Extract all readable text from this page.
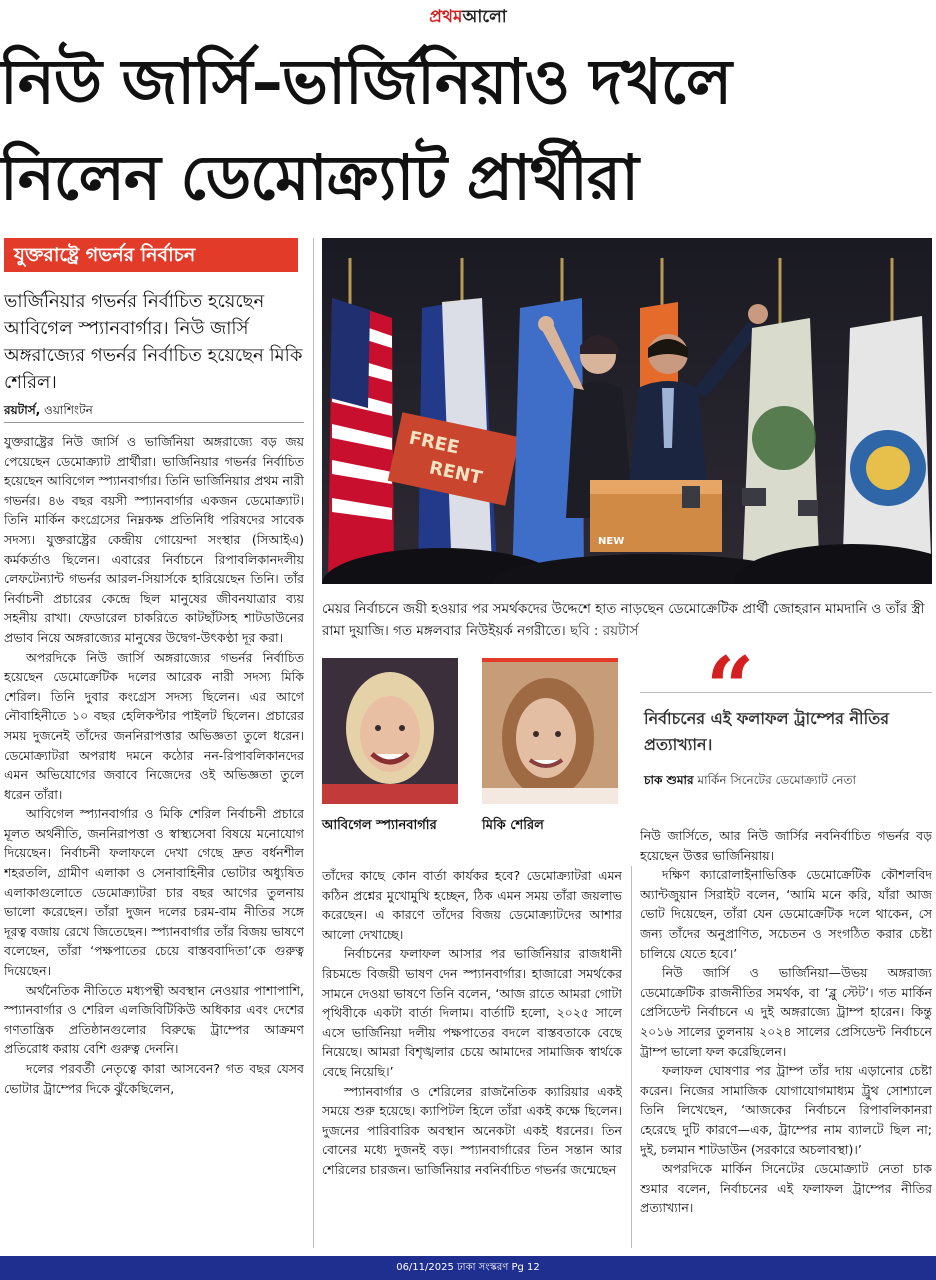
প্রথমআলো
নিউ জার্সি–ভার্জিনিয়াও দখলে
নিলেন ডেমোক্র্যাট প্রার্থীরা
যুক্তরাষ্ট্রে গভর্নর নির্বাচন
ভার্জিনিয়ার গভর্নর নির্বাচিত হয়েছেন আবিগেল স্প্যানবার্গার। নিউ জার্সি অঙ্গরাজ্যের গভর্নর নির্বাচিত হয়েছেন মিকি শেরিল।
রয়টার্স, ওয়াশিংটন

যুক্তরাষ্ট্রের নিউ জার্সি ও ভার্জিনিয়া অঙ্গরাজ্যে বড় জয় পেয়েছেন ডেমোক্র্যাট প্রার্থীরা। ভার্জিনিয়ার গভর্নর নির্বাচিত হয়েছেন আবিগেল স্প্যানবার্গার। তিনি ভার্জিনিয়ার প্রথম নারী গভর্নর। ৪৬ বছর বয়সী স্প্যানবার্গার একজন ডেমোক্র্যাট। তিনি মার্কিন কংগ্রেসের নিম্নকক্ষ প্রতিনিধি পরিষদের সাবেক সদস্য। যুক্তরাষ্ট্রের কেন্দ্রীয় গোয়েন্দা সংস্থার (সিআইএ) কর্মকর্তাও ছিলেন। এবারের নির্বাচনে রিপাবলিকানদলীয় লেফটেন্যান্ট গভর্নর আরল-সিয়ার্সকে হারিয়েছেন তিনি। তাঁর নির্বাচনী প্রচারের কেন্দ্রে ছিল মানুষের জীবনযাত্রার ব্যয় সহনীয় রাখা। ফেডারেল চাকরিতে কাটছাঁটসহ শাটডাউনের প্রভাব নিয়ে অঙ্গরাজ্যের মানুষের উদ্বেগ-উৎকণ্ঠা দূর করা।

অপরদিকে নিউ জার্সি অঙ্গরাজ্যের গভর্নর নির্বাচিত হয়েছেন ডেমোক্রেটিক দলের আরেক নারী সদস্য মিকি শেরিল। তিনি দুবার কংগ্রেস সদস্য ছিলেন। এর আগে নৌবাহিনীতে ১০ বছর হেলিকপ্টার পাইলট ছিলেন। প্রচারের সময় দুজনেই তাঁদের জননিরাপত্তার অভিজ্ঞতা তুলে ধরেন। ডেমোক্র্যাটরা অপরাধ দমনে কঠোর নন-রিপাবলিকানদের এমন অভিযোগের জবাবে নিজেদের ওই অভিজ্ঞতা তুলে ধরেন তাঁরা।

আবিগেল স্প্যানবার্গার ও মিকি শেরিল নির্বাচনী প্রচারে মূলত অর্থনীতি, জননিরাপত্তা ও স্বাস্থ্যসেবা বিষয়ে মনোযোগ দিয়েছেন। নির্বাচনী ফলাফলে দেখা গেছে দ্রুত বর্ধনশীল শহরতলি, গ্রামীণ এলাকা ও সেনাবাহিনীর ভোটার অধ্যুষিত এলাকাগুলোতে ডেমোক্র্যাটরা চার বছর আগের তুলনায় ভালো করেছেন। তাঁরা দুজন দলের চরম-বাম নীতির সঙ্গে দূরত্ব বজায় রেখে জিতেছেন। স্প্যানবার্গার তাঁর বিজয় ভাষণে বলেছেন, তাঁরা ‘পক্ষপাতের চেয়ে বাস্তববাদিতা’কে গুরুত্ব দিয়েছেন।

অর্থনৈতিক নীতিতে মধ্যপন্থী অবস্থান নেওয়ার পাশাপাশি, স্প্যানবার্গার ও শেরিল এলজিবিটিকিউ অধিকার এবং দেশের গণতান্ত্রিক প্রতিষ্ঠানগুলোর বিরুদ্ধে ট্রাম্পের আক্রমণ প্রতিরোধ করায় বেশি গুরুত্ব দেননি।

দলের পরবর্তী নেতৃত্বে কারা আসবেন? গত বছর যেসব ভোটার ট্রাম্পের দিকে ঝুঁকেছিলেন,

FREE
RENT
NEW
মেয়র নির্বাচনে জয়ী হওয়ার পর সমর্থকদের উদ্দেশে হাত নাড়ছেন ডেমোক্রেটিক প্রার্থী জোহরান মামদানি ও তাঁর স্ত্রী রামা দুয়াজি। গত মঙ্গলবার নিউইয়র্ক নগরীতে। ছবি : রয়টার্স
আবিগেল স্প্যানবার্গার	মিকি শেরিল
“
নির্বাচনের এই ফলাফল ট্রাম্পের নীতির প্রত্যাখ্যান।
চাক শুমার মার্কিন সিনেটের ডেমোক্র্যাট নেতা

তাঁদের কাছে কোন বার্তা কার্যকর হবে? ডেমোক্র্যাটরা এমন কঠিন প্রশ্নের মুখোমুখি হচ্ছেন, ঠিক এমন সময় তাঁরা জয়লাভ করেছেন। এ কারণে তাঁদের বিজয় ডেমোক্র্যাটদের আশার আলো দেখাচ্ছে।

নির্বাচনের ফলাফল আসার পর ভার্জিনিয়ার রাজধানী রিচমন্ডে বিজয়ী ভাষণ দেন স্প্যানবার্গার। হাজারো সমর্থকের সামনে দেওয়া ভাষণে তিনি বলেন, ‘আজ রাতে আমরা গোটা পৃথিবীকে একটা বার্তা দিলাম। বার্তাটি হলো, ২০২৫ সালে এসে ভার্জিনিয়া দলীয় পক্ষপাতের বদলে বাস্তবতাকে বেছে নিয়েছে। আমরা বিশৃঙ্খলার চেয়ে আমাদের সামাজিক স্বার্থকে বেছে নিয়েছি।’

স্প্যানবার্গার ও শেরিলের রাজনৈতিক ক্যারিয়ার একই সময়ে শুরু হয়েছে। ক্যাপিটল হিলে তাঁরা একই কক্ষে ছিলেন। দুজনের পারিবারিক অবস্থান অনেকটা একই ধরনের। তিন বোনের মধ্যে দুজনই বড়। স্প্যানবার্গারের তিন সন্তান আর শেরিলের চারজন। ভার্জিনিয়ার নবনির্বাচিত গভর্নর জন্মেছেন

নিউ জার্সিতে, আর নিউ জার্সির নবনির্বাচিত গভর্নর বড় হয়েছেন উত্তর ভার্জিনিয়ায়।

দক্ষিণ ক্যারোলাইনাভিত্তিক ডেমোক্রেটিক কৌশলবিদ অ্যান্টজুয়ান সিরাইট বলেন, ‘আমি মনে করি, যাঁরা আজ ভোট দিয়েছেন, তাঁরা যেন ডেমোক্রেটিক দলে থাকেন, সে জন্য তাঁদের অনুপ্রাণিত, সচেতন ও সংগঠিত করার চেষ্টা চালিয়ে যেতে হবে।’

নিউ জার্সি ও ভার্জিনিয়া—উভয় অঙ্গরাজ্য ডেমোক্রেটিক রাজনীতির সমর্থক, বা ‘ব্লু স্টেট’। গত মার্কিন প্রেসিডেন্ট নির্বাচনে এ দুই অঙ্গরাজ্যে ট্রাম্প হারেন। কিন্তু ২০১৬ সালের তুলনায় ২০২৪ সালের প্রেসিডেন্ট নির্বাচনে ট্রাম্প ভালো ফল করেছিলেন।

ফলাফল ঘোষণার পর ট্রাম্প তাঁর দায় এড়ানোর চেষ্টা করেন। নিজের সামাজিক যোগাযোগমাধ্যম ট্রুথ সোশ্যালে তিনি লিখেছেন, ‘আজকের নির্বাচনে রিপাবলিকানরা হেরেছে দুটি কারণে—এক, ট্রাম্পের নাম ব্যালটে ছিল না; দুই, চলমান শাটডাউন (সরকারে অচলাবস্থা)।’

অপরদিকে মার্কিন সিনেটের ডেমোক্র্যাট নেতা চাক শুমার বলেন, নির্বাচনের এই ফলাফল ট্রাম্পের নীতির প্রত্যাখ্যান।

06/11/2025 ঢাকা সংস্করণ Pg 12
